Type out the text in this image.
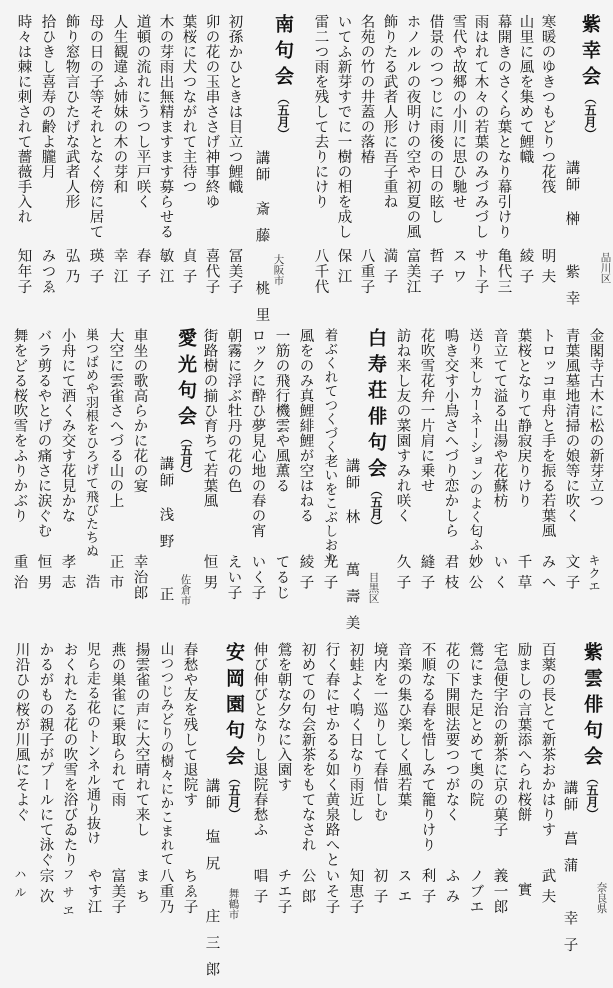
紫幸会（五月）
講師 榊　紫幸 品川区
寒暖のゆきつもどりつ花筏
明夫
山里に風を集めて鯉幟
綾子
幕開きのさくら葉となり幕引けり
亀代三
雨はれて木々の若葉のみづみづし
サト子
雪代や故郷の小川に思ひ馳せ
スワ
借景のつつじに雨後の日の眩し
哲子
ホノルルの夜明けの空や初夏の風
富美江
飾りたる武者人形に吾子重ね
満子
名苑の竹の井蓋の落椿
八重子
いてふ新芽すでに一樹の相を成し
保江
雷二つ雨を残して去りにけり
八千代
南句会（五月）
講師 斎藤　桃里 大阪市
初孫かひときは目立つ鯉幟
冨美子
卯の花の玉串ささげ神事終ゆ
喜代子
葉桜に犬つながれて主待つ
貞子
木の芽雨出無精ますます募らせる
敏江
道頓の流れにうつし平戸咲く
春子
人生観違ふ姉妹の木の芽和
幸江
母の日の子等それとなく傍に居て
瑛子
飾り窓物言ひたげな武者人形
弘乃
拾ひきし喜寿の齢よ朧月
みつゑ
時々は棘に刺されて薔薇手入れ
知年子
金閣寺古木に松の新芽立つ
キクエ
青葉風墓地清掃の娘等に吹く
文子
トロッコ車舟と手を振る若葉風
みへ
葉桜となりて静寂戻りけり
千草
音立てて溢る出湯や花蘇枋
いく
送り来しカーネーションのよく匂ふ
妙公
鳴き交す小鳥さへづり恋かしら
君枝
花吹雪花弁一片肩に乗せ
縫子
訪ね来し友の菜園すみれ咲く
久子
白寿荘俳句会（五月）
講師 林　萬壽美 目黒区
着ぶくれてつくづく老いをこぶしおり
光子
風をのみ真鯉緋鯉が空はねる
綾子
一筋の飛行機雲や風薫る
てるじ
ロックに酔ひ夢見心地の春の宵
いく子
朝霧に浮ぶ牡丹の花の色
えい子
街路樹の揃ひ育ちて若葉風
恒男
愛光句会（五月）
講師 浅野　正 佐倉市
車坐の歌高らかに花の宴
幸治郎
大空に雲雀さへづる山の上
正市
巣つばめや羽根をひろげて飛びたちぬ
浩
小舟にて酒くみ交す花見かな
孝志
バラ剪るやとげの痛さに涙ぐむ
恒男
舞をどる桜吹雪をふりかぶり
重治
紫雲俳句会（五月）
講師 菖蒲　幸子 奈良県
百薬の長とて新茶おかはりす
武夫
励ましの言葉添へられ桜餅
實
宅急便宇治の新茶に京の菓子
義一郎
鶯にまた足とめて奥の院
ノブエ
花の下開眼法要つつがなく
ふみ
不順なる春を惜しみて籠りけり
利子
音楽の集ひ楽しく風若葉
スエ
境内を一巡りして春惜しむ
初子
初蛙よく鳴く日なり雨近し
知恵子
行く春にせかるる如く黄泉路へと
いそ子
初めての句会新茶をもてなされ
公郎
鶯を朝な夕なに入園す
チエ子
伸び伸びとなりし退院春愁ふ
唱子
安岡園句会（五月）
講師 塩尻　庄三郎 舞鶴市
春愁や友を残して退院す
ちゑ子
山つつじみどりの樹々にかこまれて
八重乃
揚雲雀の声に大空晴れて来し
まち
燕の巣雀に乗取られて雨
富美子
児ら走る花のトンネル通り抜け
やす江
おくれたる花の吹雪を浴びゐたり
フサヱ
かるがもの親子がプールにて泳ぐ
宗次
川沿ひの桜が川風にそよぐ
ハル
